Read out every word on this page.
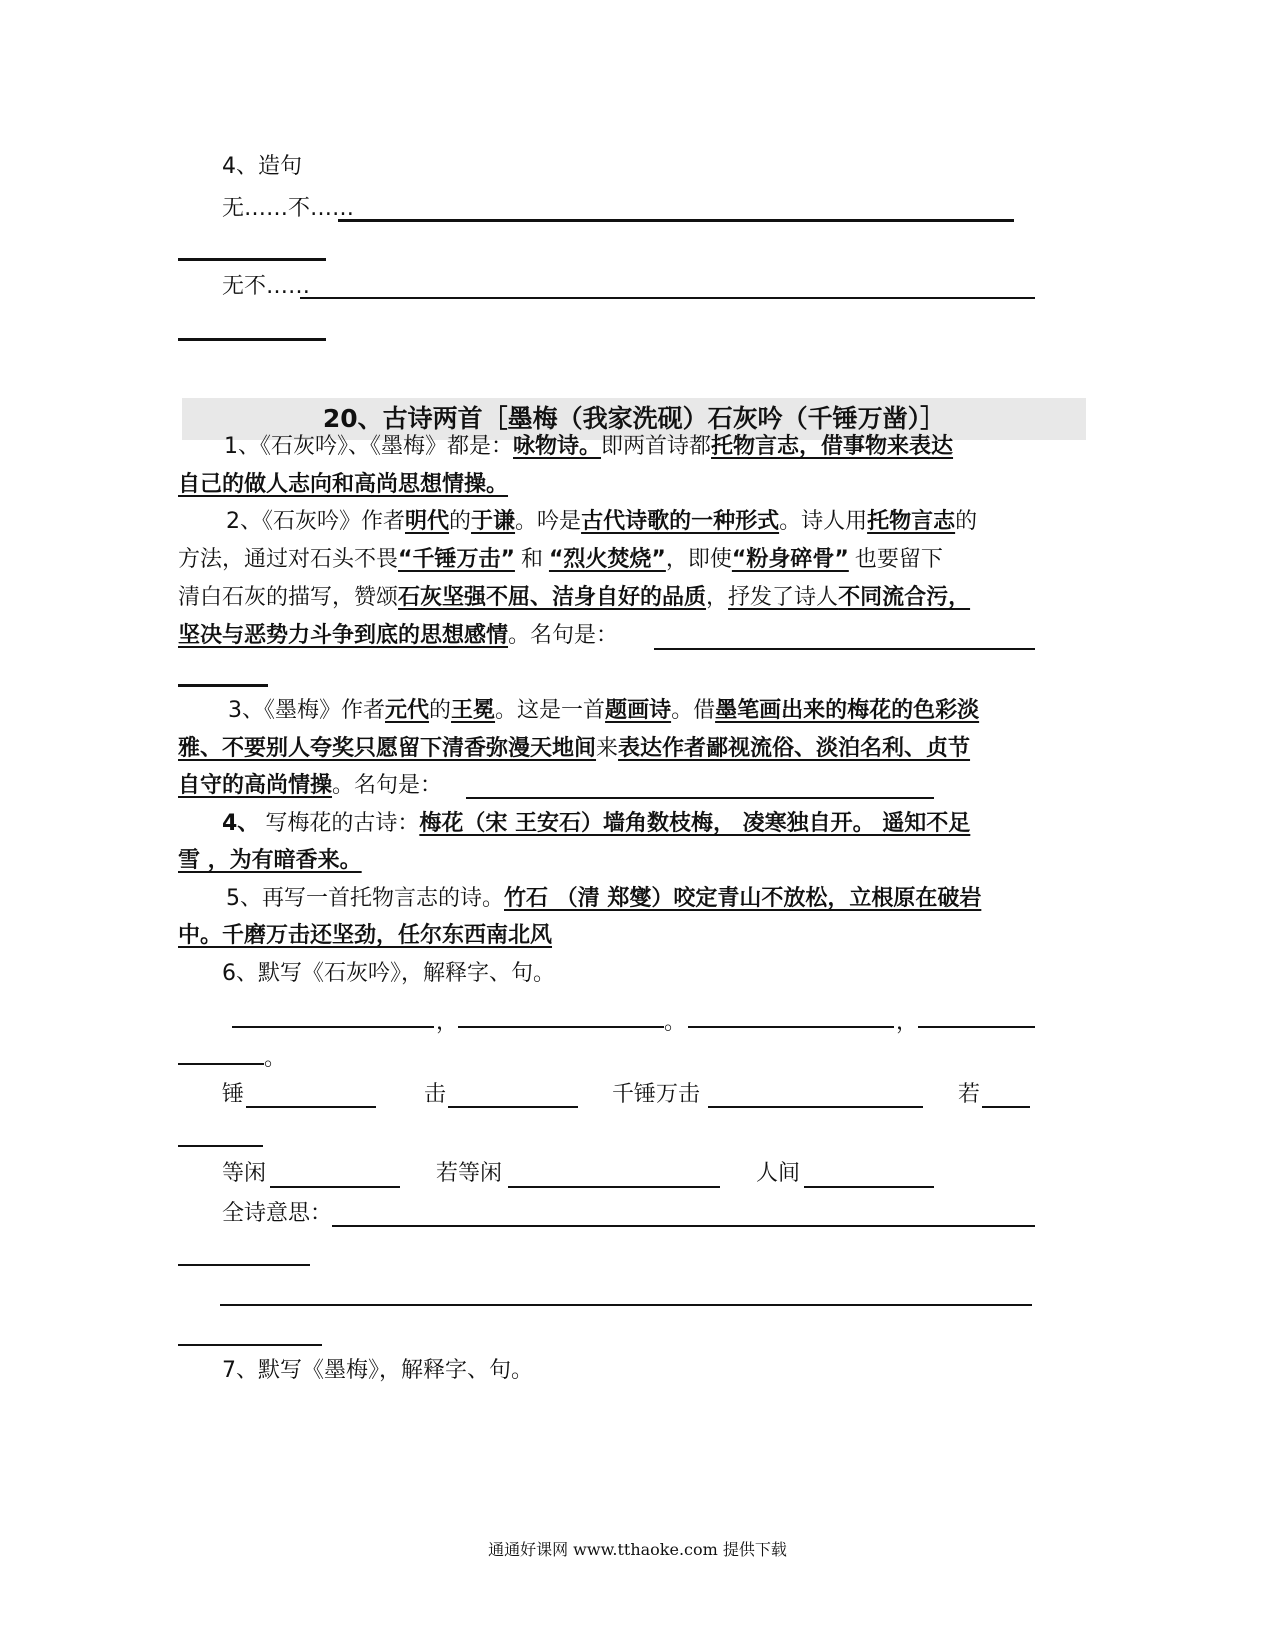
4、造句
无……不……
无不……
20、古诗两首［墨梅（我家洗砚）石灰吟（千锤万凿）］
1、《石灰吟》、《墨梅》都是：咏物诗。即两首诗都托物言志，借事物来表达
自己的做人志向和高尚思想情操。
2、《石灰吟》作者明代的于谦。吟是古代诗歌的一种形式。诗人用托物言志的
方法，通过对石头不畏“千锤万击” 和 “烈火焚烧”，即使“粉身碎骨” 也要留下
清白石灰的描写，赞颂石灰坚强不屈、洁身自好的品质，抒发了诗人不同流合污，
坚决与恶势力斗争到底的思想感情。名句是：
3、《墨梅》作者元代的王冕。这是一首题画诗。借墨笔画出来的梅花的色彩淡
雅、不要别人夸奖只愿留下清香弥漫天地间来表达作者鄙视流俗、淡泊名利、贞节
自守的高尚情操。名句是：
4、 写梅花的古诗：梅花（宋 王安石）墙角数枝梅， 凌寒独自开。 遥知不足
雪 ，为有暗香来。
5、再写一首托物言志的诗。竹石 （清 郑燮）咬定青山不放松，立根原在破岩
中。千磨万击还坚劲，任尔东西南北风
6、默写《石灰吟》，解释字、句。
，	。	，
。
锤	击	千锤万击	若
等闲	若等闲	人间
全诗意思：
7、默写《墨梅》，解释字、句。
通通好课网 www.tthaoke.com 提供下载
